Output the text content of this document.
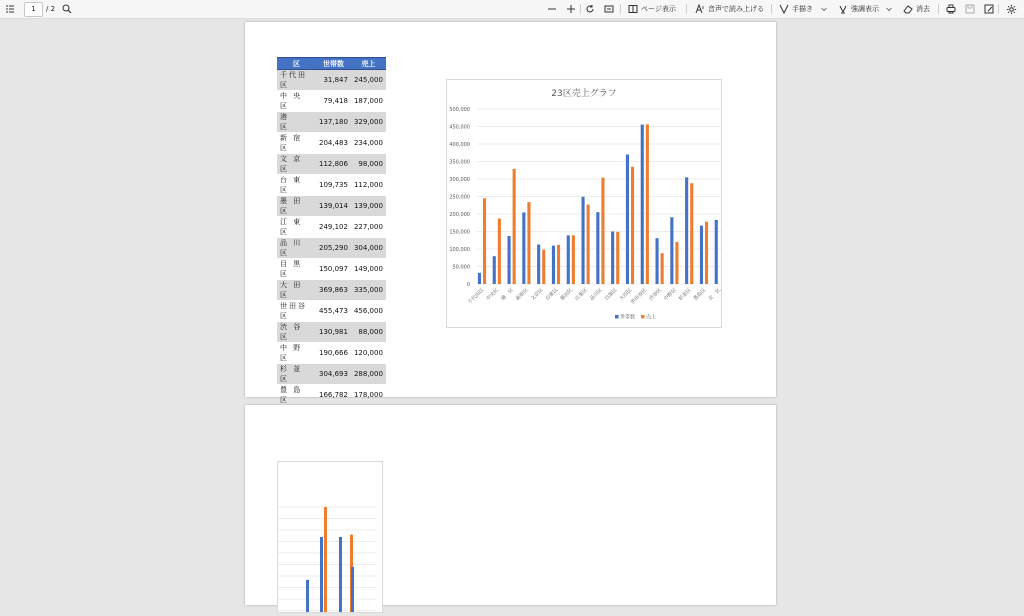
1	/ 2	ページ表示	音声で読み上げる	手描き	強調表示	消去
区	世帯数	売上
千代田区	31,847	245,000
中 央 区	79,418	187,000
港　　区	137,180	329,000
新 宿 区	204,483	234,000
文 京 区	112,806	98,000
台 東 区	109,735	112,000
墨 田 区	139,014	139,000
江 東 区	249,102	227,000
品 川 区	205,290	304,000
目 黒 区	150,097	149,000
大 田 区	369,863	335,000
世田谷区	455,473	456,000
渋 谷 区	130,981	88,000
中 野 区	190,666	120,000
杉 並 区	304,693	288,000
豊 島 区	166,782	178,000

23区売上グラフ
0
50,000
100,000
150,000
200,000
250,000
300,000
350,000
400,000
450,000
500,000
千代田区 中央区 港　区 新宿区 文京区 台東区 墨田区 江東区 品川区 目黒区 大田区
世田谷区 渋谷区 中野区 杉並区 豊島区 北　区
世帯数 売上
